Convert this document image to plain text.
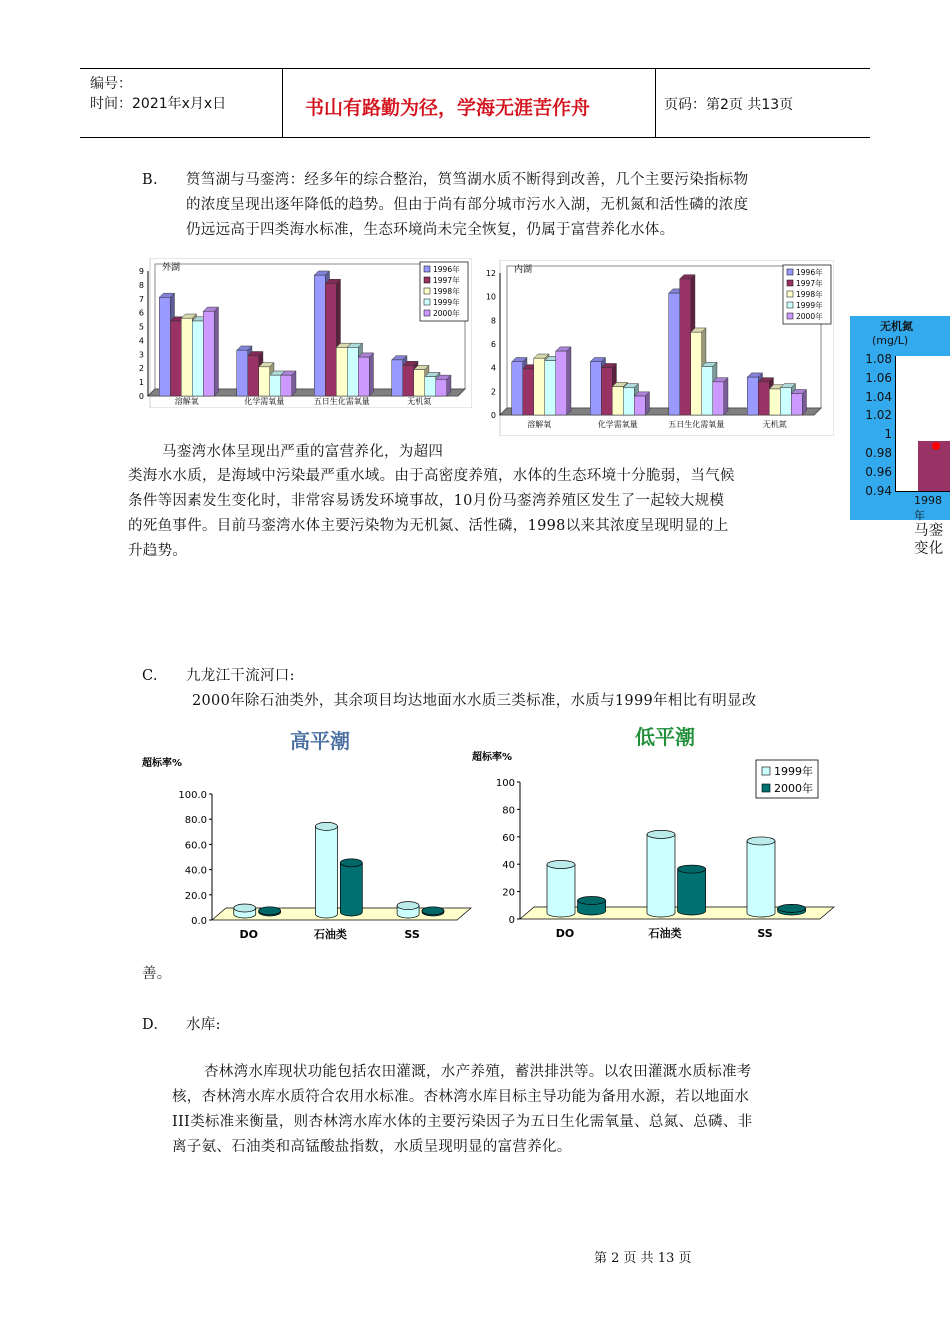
编号：
时间：2021年x月x日	书山有路勤为径，学海无涯苦作舟	页码：第2页 共13页
B. 筼筜湖与马銮湾：经多年的综合整治，筼筜湖水质不断得到改善，几个主要污染指标物
的浓度呈现出逐年降低的趋势。但由于尚有部分城市污水入湖，无机氮和活性磷的浓度
仍远远高于四类海水标准，生态环境尚未完全恢复，仍属于富营养化水体。
0
1
2
3
4
5
6
7
8
9 外湖
溶解氧	化学需氧量	五日生化需氧量	无机氮
1996年
1997年
1998年
1999年
2000年
0
2
4
6
8
10
12 内湖
溶解氧	化学需氧量	五日生化需氧量	无机氮
1996年
1997年
1998年
1999年
2000年
无机氮
(mg/L)
1.08
1.06
1.04
1.02
1
0.98
0.96
0.94
1998年
马銮
变化
马銮湾水体呈现出严重的富营养化，为超四
类海水水质，是海域中污染最严重水域。由于高密度养殖，水体的生态环境十分脆弱，当气候
条件等因素发生变化时，非常容易诱发环境事故，10月份马銮湾养殖区发生了一起较大规模
的死鱼事件。目前马銮湾水体主要污染物为无机氮、活性磷，1998以来其浓度呈现明显的上
升趋势。
C. 九龙江干流河口:
2000年除石油类外，其余项目均达地面水水质三类标准，水质与1999年相比有明显改
高平潮
超标率%
0.0
20.0
40.0
60.0
80.0
100.0
DO	石油类	SS
低平潮
超标率%
0
20
40
60
80
100
DO	石油类	SS
1999年
2000年
善。
D. 水库:
杏林湾水库现状功能包括农田灌溉，水产养殖，蓄洪排洪等。以农田灌溉水质标准考
核，杏林湾水库水质符合农用水标准。杏林湾水库目标主导功能为备用水源，若以地面水
III类标准来衡量，则杏林湾水库水体的主要污染因子为五日生化需氧量、总氮、总磷、非
离子氨、石油类和高锰酸盐指数，水质呈现明显的富营养化。
第 2 页 共 13 页
